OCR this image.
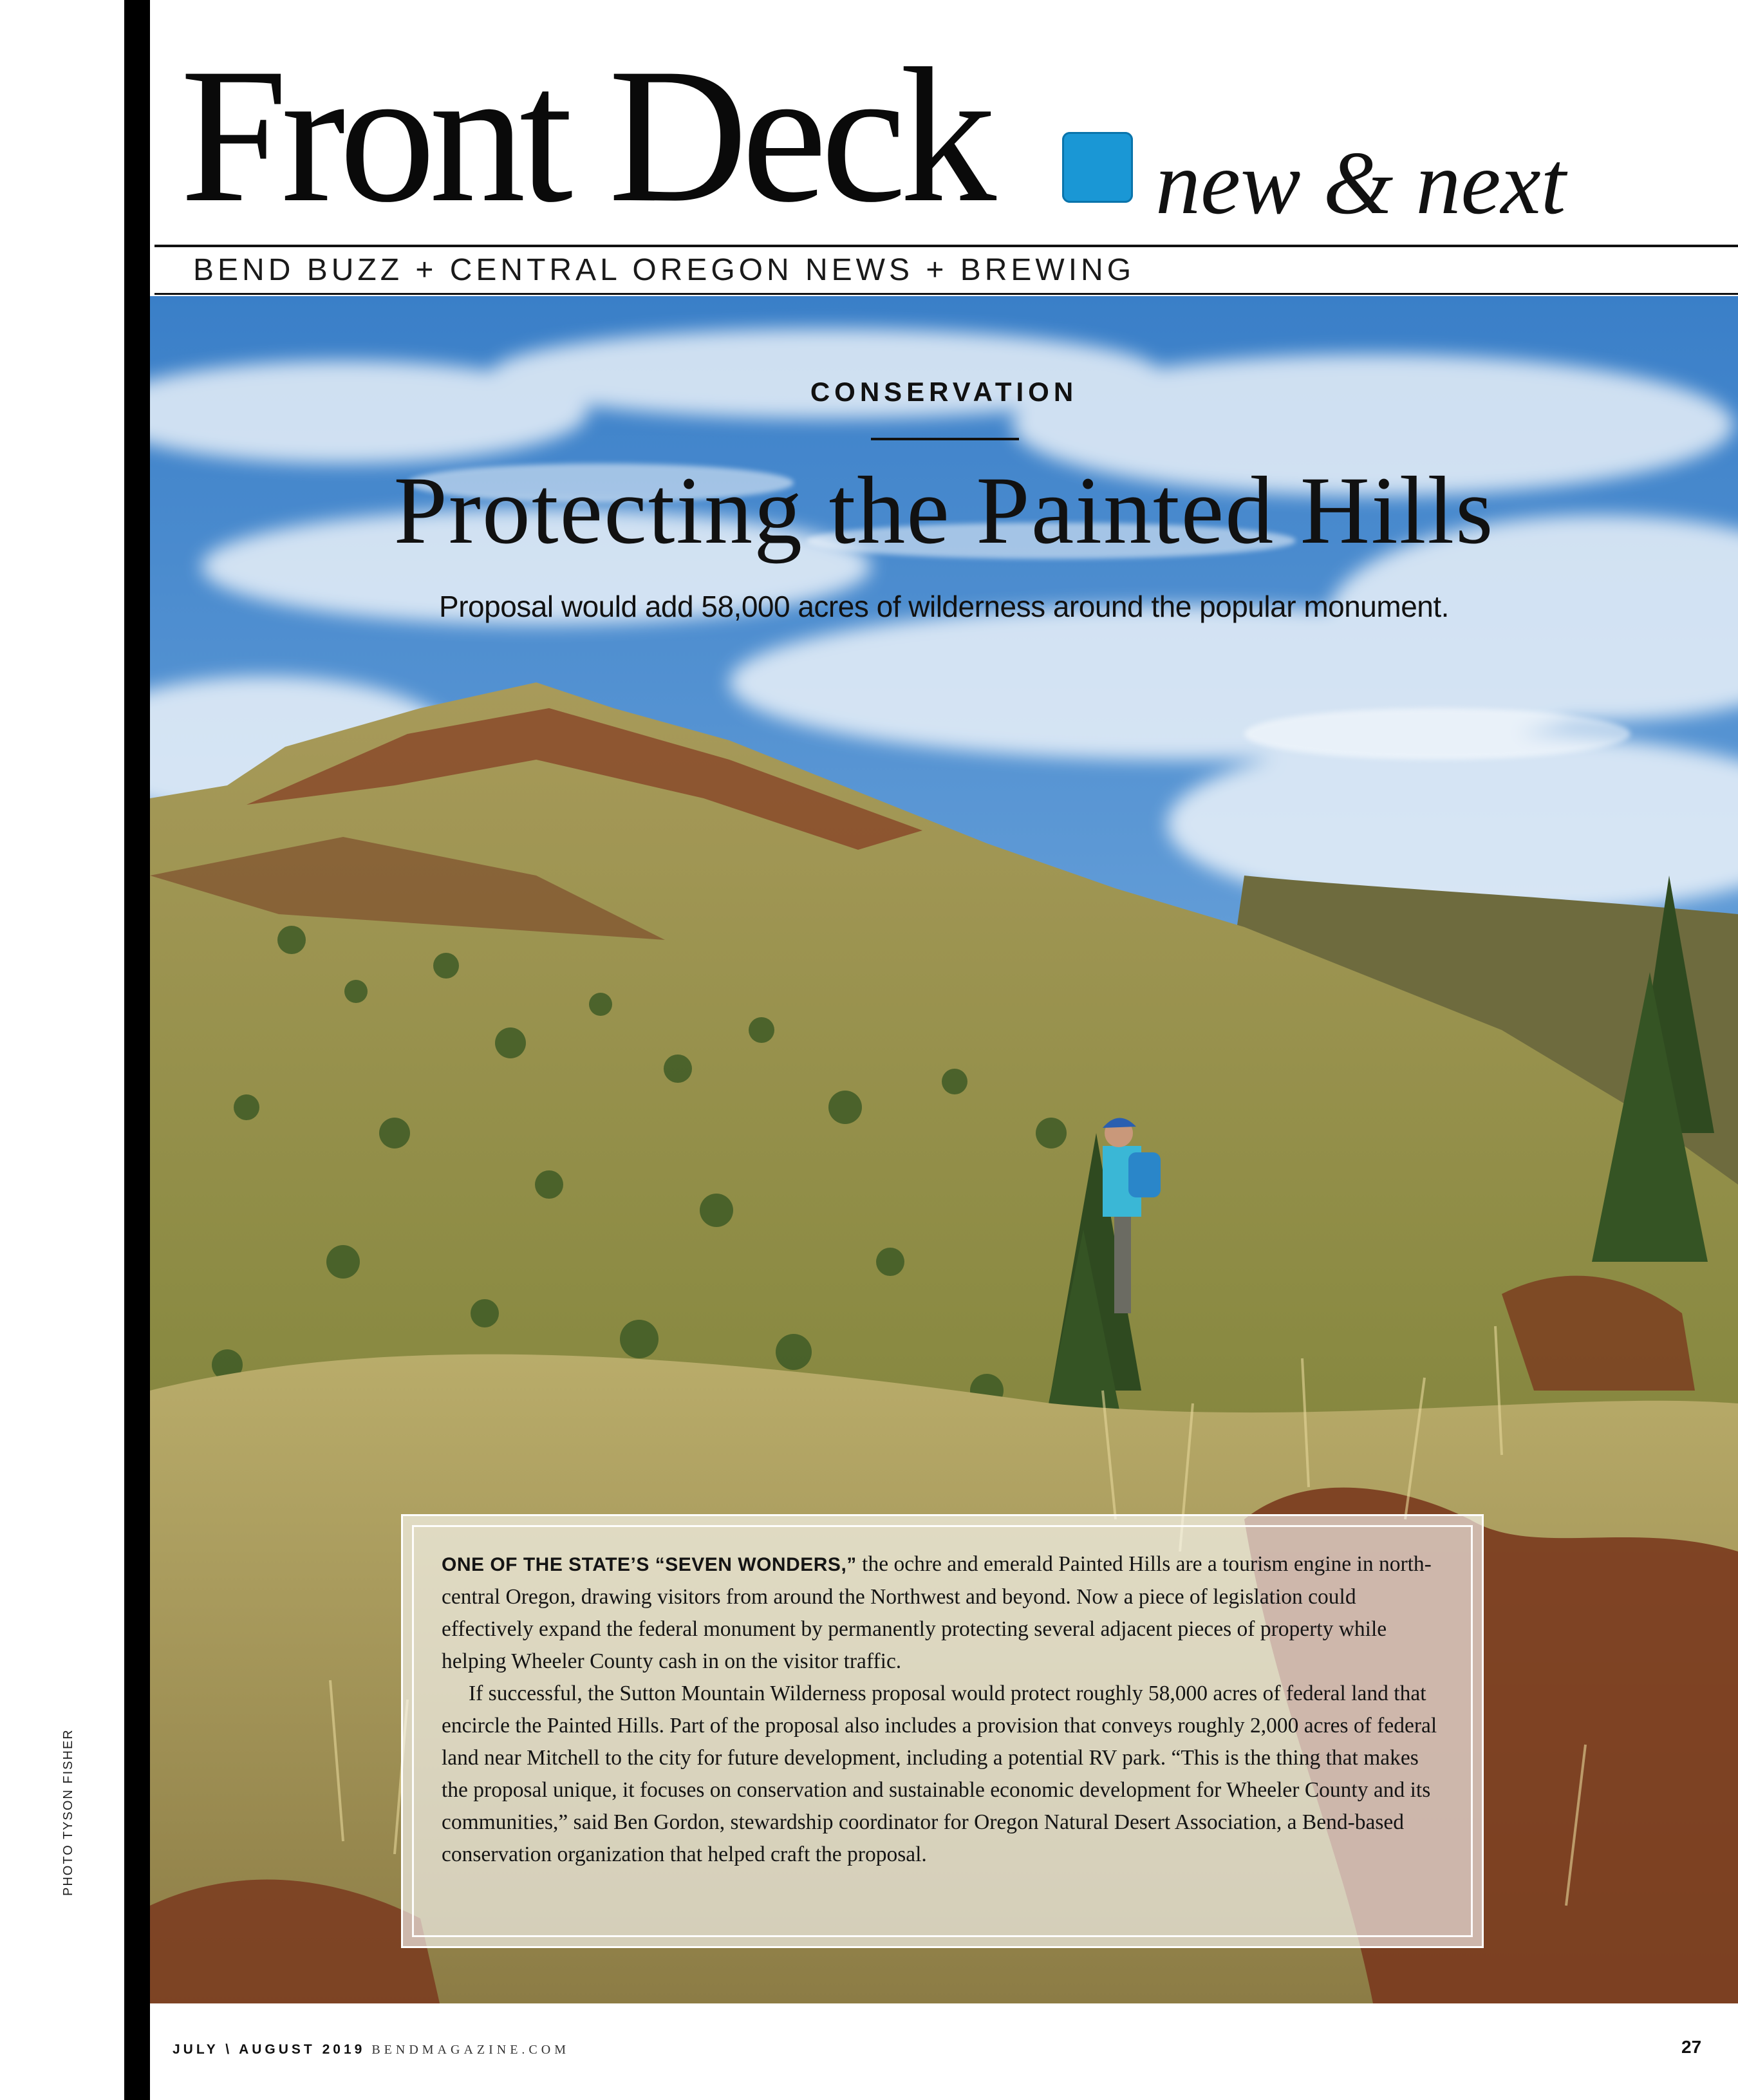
Front Deck new & next
BEND BUZZ + CENTRAL OREGON NEWS + BREWING
CONSERVATION
Protecting the Painted Hills
Proposal would add 58,000 acres of wilderness around the popular monument.

ONE OF THE STATE’S “SEVEN WONDERS,” the ochre and emerald Painted Hills are a tourism engine in north-central Oregon, drawing visitors from around the Northwest and beyond. Now a piece of legislation could effectively expand the federal monument by permanently protecting several adjacent pieces of property while helping Wheeler County cash in on the visitor traffic.

If successful, the Sutton Mountain Wilderness proposal would protect roughly 58,000 acres of federal land that encircle the Painted Hills. Part of the proposal also includes a provision that conveys roughly 2,000 acres of federal land near Mitchell to the city for future development, including a potential RV park. “This is the thing that makes the proposal unique, it focuses on conservation and sustainable economic development for Wheeler County and its communities,” said Ben Gordon, stewardship coordinator for Oregon Natural Desert Association, a Bend-based conservation organization that helped craft the proposal.

PHOTO TYSON FISHER
JULY \ AUGUST 2019 BENDMAGAZINE.COM	27
